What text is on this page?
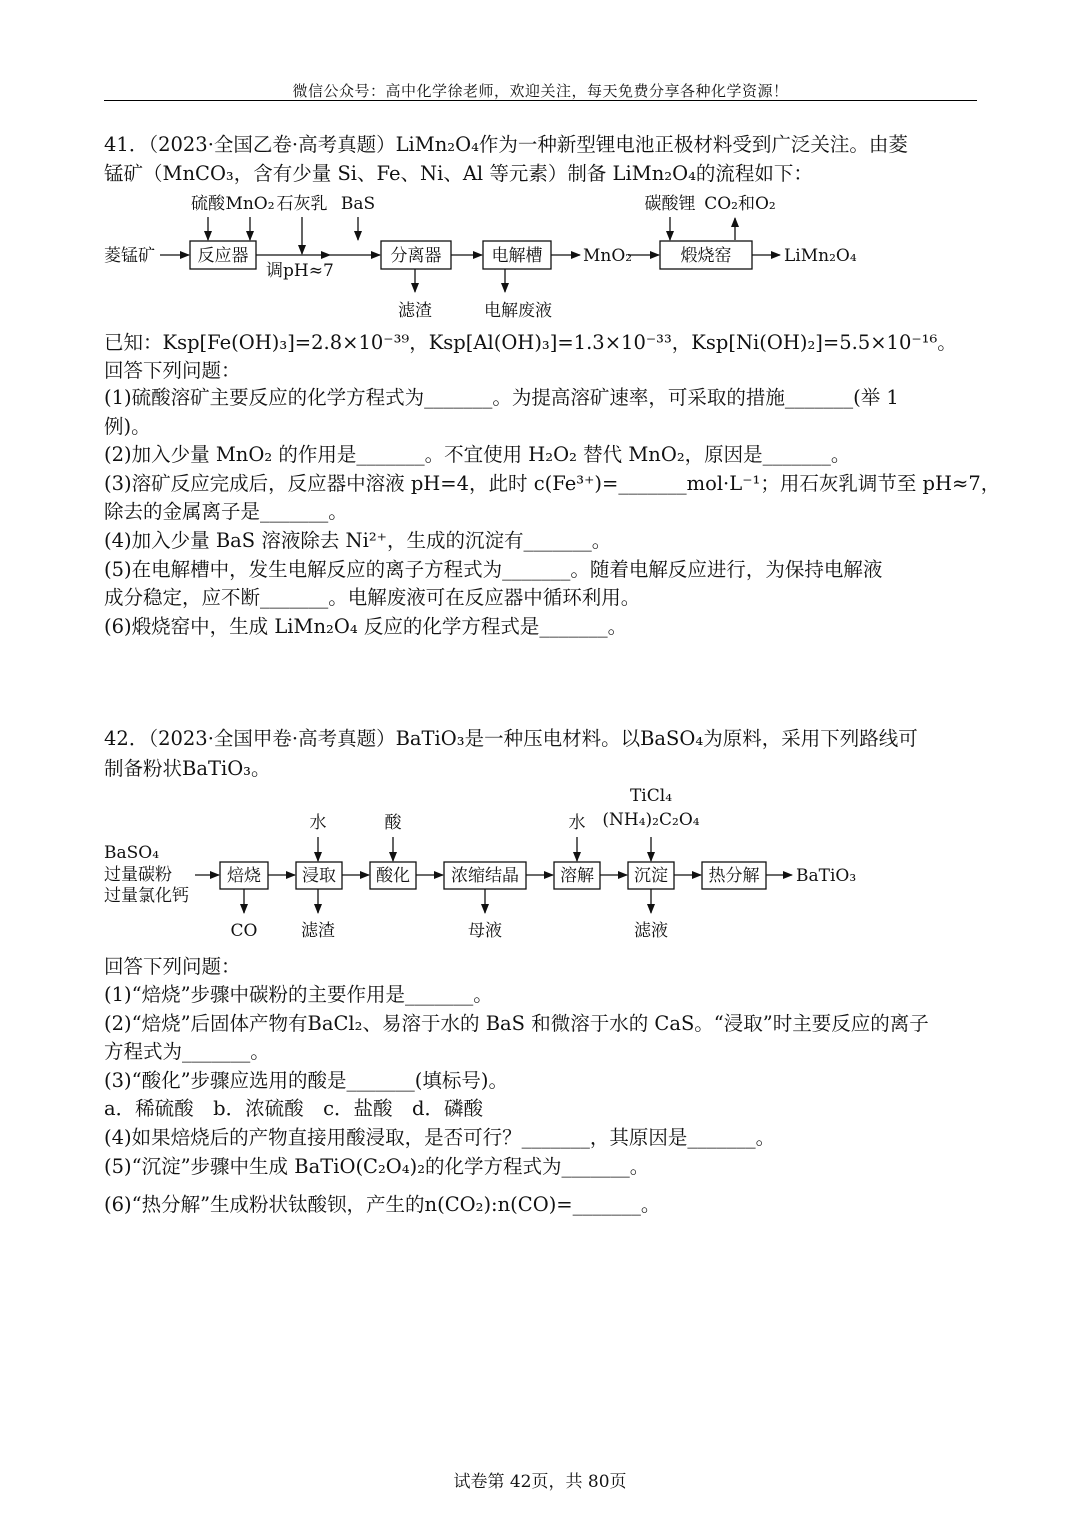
微信公众号：高中化学徐老师，欢迎关注，每天免费分享各种化学资源！
41．（2023·全国乙卷·高考真题）LiMn₂O₄作为一种新型锂电池正极材料受到广泛关注。由菱
锰矿（MnCO₃，含有少量 Si、Fe、Ni、Al 等元素）制备 LiMn₂O₄的流程如下：
菱锰矿	反应器	分离器	电解槽	煅烧窑
MnO₂	LiMn₂O₄
硫酸 MnO₂ 石灰乳 BaS	碳酸锂 CO₂和O₂
调pH≈7
滤渣	电解废液
已知：Ksp[Fe(OH)₃]=2.8×10⁻³⁹，Ksp[Al(OH)₃]=1.3×10⁻³³，Ksp[Ni(OH)₂]=5.5×10⁻¹⁶。
回答下列问题：
(1)硫酸溶矿主要反应的化学方程式为_______。为提高溶矿速率，可采取的措施_______(举 1
例)。
(2)加入少量 MnO₂ 的作用是_______。不宜使用 H₂O₂ 替代 MnO₂，原因是_______。
(3)溶矿反应完成后，反应器中溶液 pH=4，此时 c(Fe³⁺)=_______mol·L⁻¹；用石灰乳调节至 pH≈7，
除去的金属离子是_______。
(4)加入少量 BaS 溶液除去 Ni²⁺，生成的沉淀有_______。
(5)在电解槽中，发生电解反应的离子方程式为_______。随着电解反应进行，为保持电解液
成分稳定，应不断_______。电解废液可在反应器中循环利用。
(6)煅烧窑中，生成 LiMn₂O₄ 反应的化学方程式是_______。
42．（2023·全国甲卷·高考真题）BaTiO₃是一种压电材料。以BaSO₄为原料，采用下列路线可
制备粉状BaTiO₃。
BaSO₄
过量碳粉
过量氯化钙
焙烧 浸取 酸化 浓缩结晶 溶解 沉淀 热分解 BaTiO₃
水	酸	水
TiCl₄
(NH₄)₂C₂O₄
CO	滤渣	母液	滤液
回答下列问题：
(1)“焙烧”步骤中碳粉的主要作用是_______。
(2)“焙烧”后固体产物有BaCl₂、易溶于水的 BaS 和微溶于水的 CaS。“浸取”时主要反应的离子
方程式为_______。
(3)“酸化”步骤应选用的酸是_______(填标号)。
a．稀硫酸　b．浓硫酸　c．盐酸　d．磷酸
(4)如果焙烧后的产物直接用酸浸取，是否可行？_______，其原因是_______。
(5)“沉淀”步骤中生成 BaTiO(C₂O₄)₂的化学方程式为_______。
(6)“热分解”生成粉状钛酸钡，产生的n(CO₂):n(CO)=_______。
试卷第 42页，共 80页
